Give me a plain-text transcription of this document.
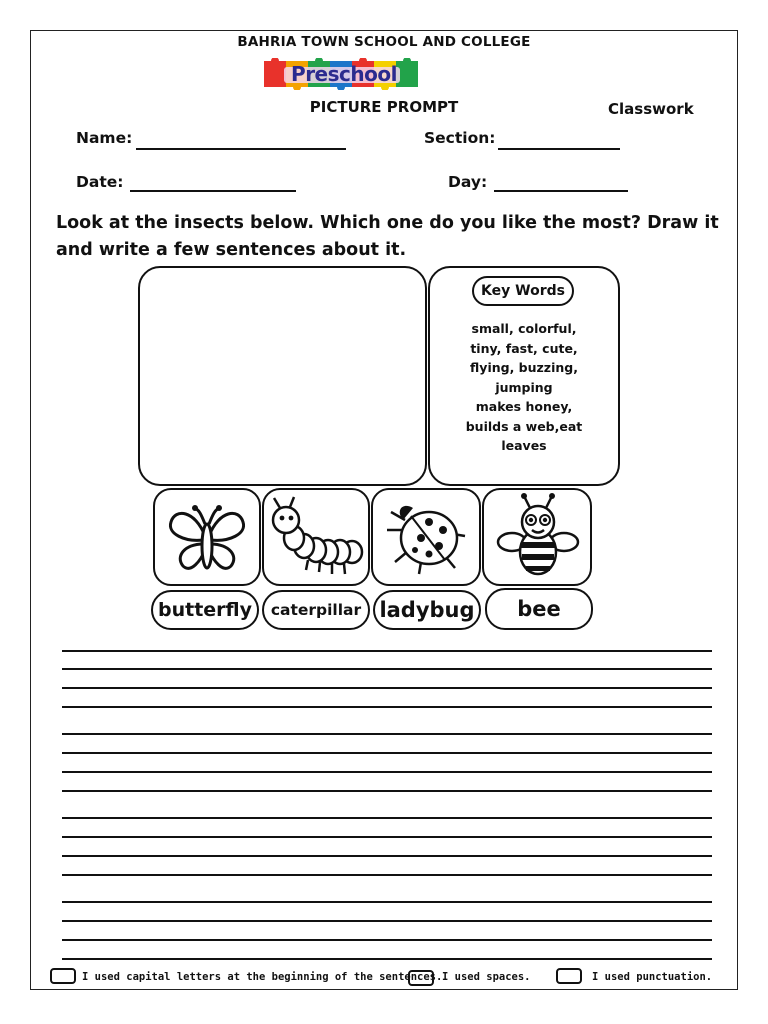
BAHRIA TOWN SCHOOL AND COLLEGE
Preschool
PICTURE PROMPT	Classwork
Name:	Section:
Date:	Day:
Look at the insects below. Which one do you like the most? Draw it and write a few sentences about it.
Key Words
small, colorful,
tiny, fast, cute,
flying, buzzing,
jumping
makes honey,
builds a web,eat
leaves
butterfly	caterpillar ladybug	bee
I used capital letters at the beginning of the sentences. I used spaces.	I used punctuation.
